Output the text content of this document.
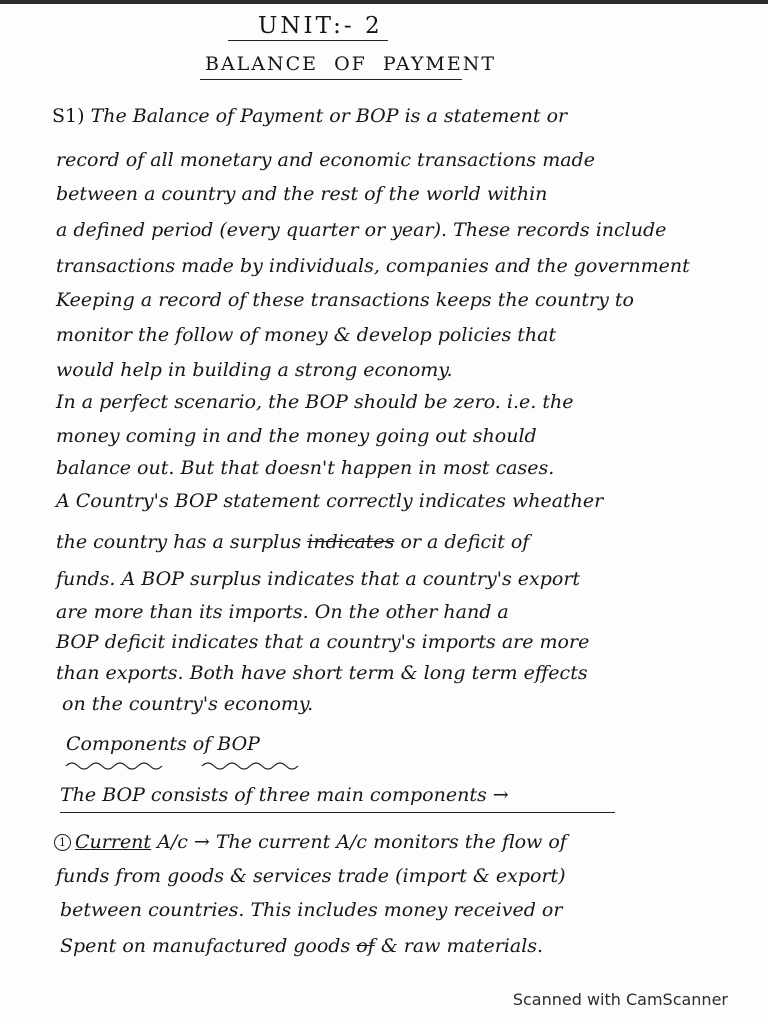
UNIT:- 2
BALANCE OF PAYMENT
S1) The Balance of Payment or BOP is a statement or
record of all monetary and economic transactions made
between a country and the rest of the world within
a defined period (every quarter or year). These records include
transactions made by individuals, companies and the government
Keeping a record of these transactions keeps the country to
monitor the follow of money & develop policies that
would help in building a strong economy.
In a perfect scenario, the BOP should be zero. i.e. the
money coming in and the money going out should
balance out. But that doesn't happen in most cases.
A Country's BOP statement correctly indicates wheather
the country has a surplus indicates or a deficit of
funds. A BOP surplus indicates that a country's export
are more than its imports. On the other hand a
BOP deficit indicates that a country's imports are more
than exports. Both have short term & long term effects
on the country's economy.
Components of BOP
The BOP consists of three main components →
1 Current A/c → The current A/c monitors the flow of
funds from goods & services trade (import & export)
between countries. This includes money received or
Spent on manufactured goods of & raw materials.
Scanned with CamScanner
